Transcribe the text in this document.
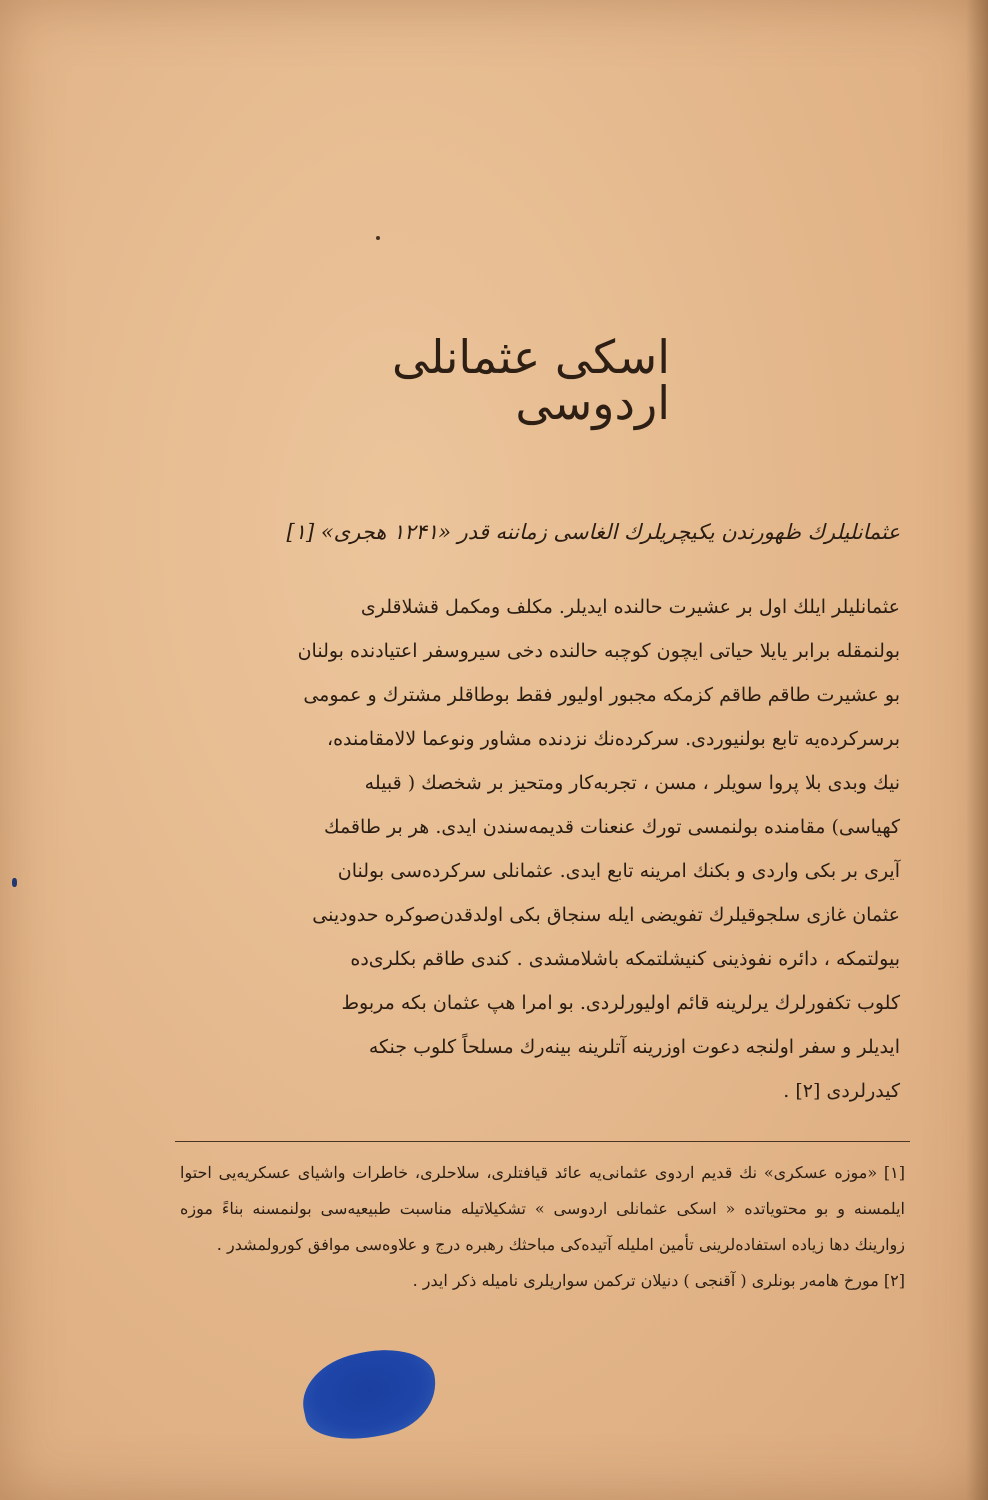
اسکی عثمانلی اردوسی
عثمانلیلرك ظهورندن یکیچریلرك الغاسی زماننه قدر «۱۲۴۱ هجری» [۱]
عثمانلیلر ایلك اول بر عشیرت حالنده ایدیلر. مکلف ومکمل قشلاقلری
بولنمقله برابر یایلا حیاتی ایچون کوچبه حالنده دخی سیروسفر اعتیادنده بولنان
بو عشیرت طاقم طاقم کزمکه مجبور اولیور فقط بوطاقلر مشترك و عمومی
برسرکرده‌یه تابع بولنیوردی. سرکرده‌نك نزدنده مشاور ونوعما لالامقامنده،
نیك وبدی بلا پروا سویلر ، مسن ، تجربه‌کار ومتحیز بر شخصك ( قبیله
کهیاسی) مقامنده بولنمسی تورك عنعنات قدیمه‌سندن ایدی. هر بر طاقمك
آیری بر بکی واردی و بکنك امرینه تابع ایدی. عثمانلی سرکرده‌سی بولنان
عثمان غازی سلجوقیلرك تفویضی ایله سنجاق بکی اولدقدن‌صوکره حدودینی
بیولتمکه ، دائره نفوذینی کنیشلتمکه باشلامشدی . کندی طاقم بکلری‌ده
کلوب تکفورلرك یرلرینه قائم اولیورلردی. بو امرا هپ عثمان بکه مربوط
ایدیلر و سفر اولنجه دعوت اوزرینه آتلرینه بینه‌رك مسلحاً کلوب جنکه
کیدرلردی [۲] .

[۱] «موزه عسکری» نك قدیم اردوی عثمانی‌یه عائد قیافتلری، سلاحلری، خاطرات واشیای عسکریه‌یی احتوا ایلمسنه و بو محتویاتده « اسکی عثمانلی اردوسی » تشکیلاتیله مناسبت طبیعیه‌سی بولنمسنه بناءً موزه زوارینك دها زیاده استفاده‌لرینی تأمین املیله آتیده‌کی مباحثك رهبره درج و علاوه‌سی موافق کورولمشدر .

[۲] مورخ هامه‌ر بونلری ( آقنجی ) دنیلان ترکمن سواریلری نامیله ذکر ایدر .
